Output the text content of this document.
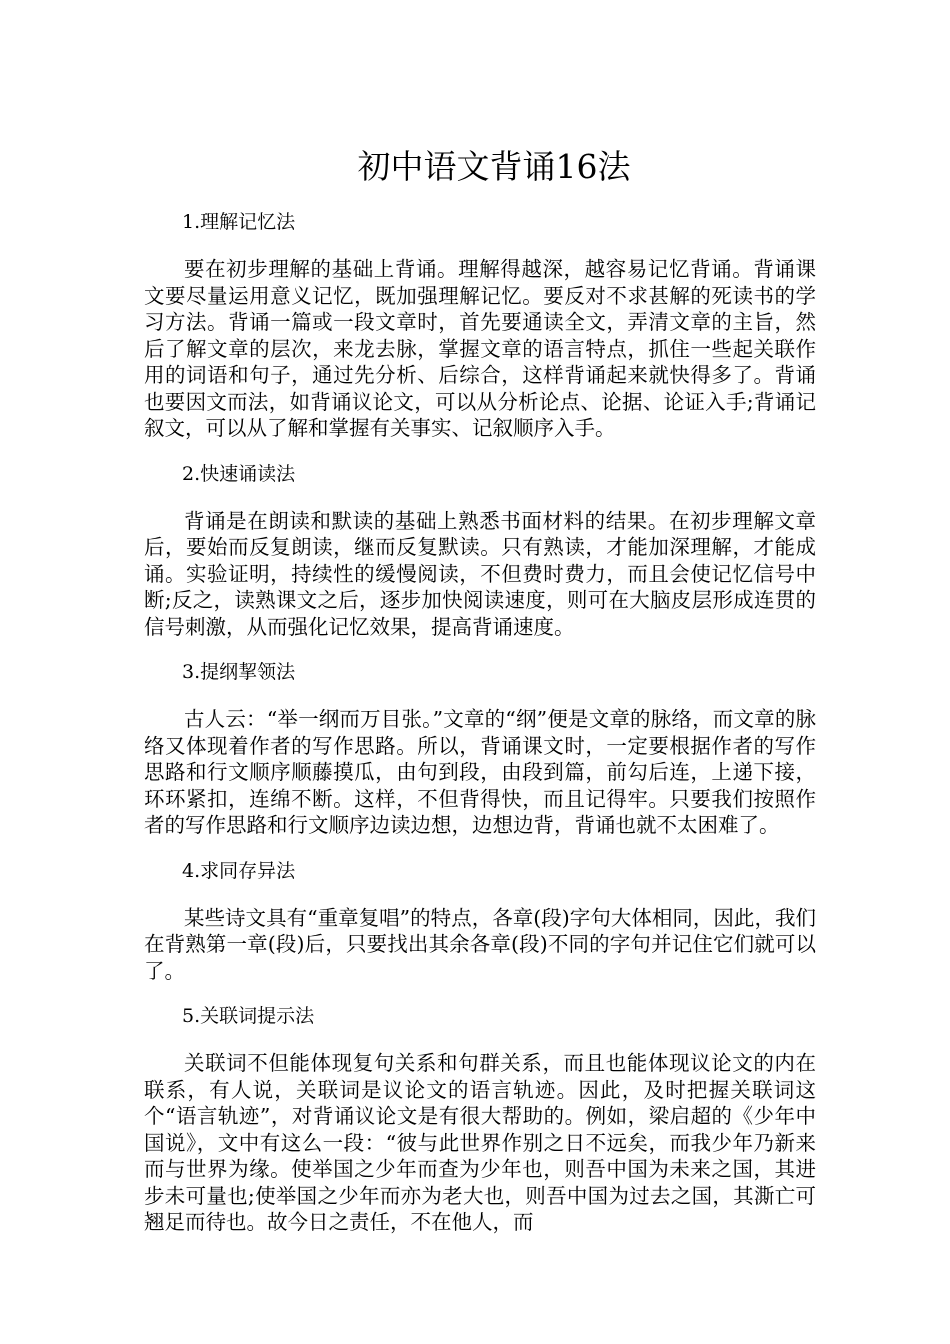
初中语文背诵16法

1.理解记忆法

要在初步理解的基础上背诵。理解得越深，越容易记忆背诵。背诵课文要尽量运用意义记忆，既加强理解记忆。要反对不求甚解的死读书的学习方法。背诵一篇或一段文章时，首先要通读全文，弄清文章的主旨，然后了解文章的层次，来龙去脉，掌握文章的语言特点，抓住一些起关联作用的词语和句子，通过先分析、后综合，这样背诵起来就快得多了。背诵也要因文而法，如背诵议论文，可以从分析论点、论据、论证入手;背诵记叙文，可以从了解和掌握有关事实、记叙顺序入手。

2.快速诵读法

背诵是在朗读和默读的基础上熟悉书面材料的结果。在初步理解文章后，要始而反复朗读，继而反复默读。只有熟读，才能加深理解，才能成诵。实验证明，持续性的缓慢阅读，不但费时费力，而且会使记忆信号中断;反之，读熟课文之后，逐步加快阅读速度，则可在大脑皮层形成连贯的信号刺激，从而强化记忆效果，提高背诵速度。

3.提纲挈领法

古人云：“举一纲而万目张。”文章的“纲”便是文章的脉络，而文章的脉络又体现着作者的写作思路。所以，背诵课文时，一定要根据作者的写作思路和行文顺序顺藤摸瓜，由句到段，由段到篇，前勾后连，上递下接，环环紧扣，连绵不断。这样，不但背得快，而且记得牢。只要我们按照作者的写作思路和行文顺序边读边想，边想边背，背诵也就不太困难了。

4.求同存异法

某些诗文具有“重章复唱”的特点，各章(段)字句大体相同，因此，我们在背熟第一章(段)后，只要找出其余各章(段)不同的字句并记住它们就可以了。

5.关联词提示法

关联词不但能体现复句关系和句群关系，而且也能体现议论文的内在联系，有人说，关联词是议论文的语言轨迹。因此，及时把握关联词这个“语言轨迹”，对背诵议论文是有很大帮助的。例如，梁启超的《少年中国说》，文中有这么一段：“彼与此世界作别之日不远矣，而我少年乃新来而与世界为缘。使举国之少年而查为少年也，则吾中国为未来之国，其进步未可量也;使举国之少年而亦为老大也，则吾中国为过去之国，其澌亡可翘足而待也。故今日之责任，不在他人，而
